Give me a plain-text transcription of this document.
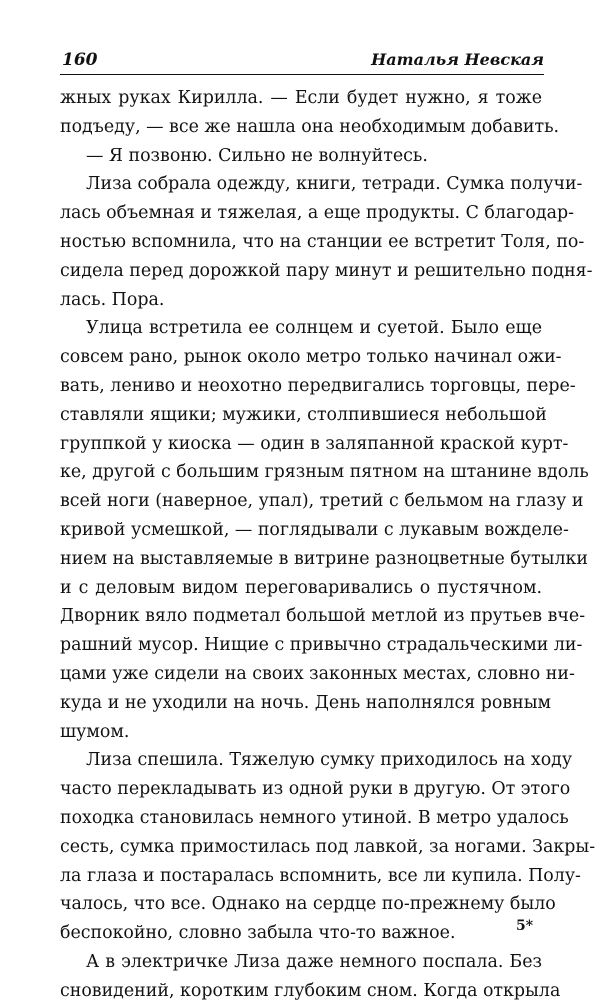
160	Наталья Невская
жных руках Кирилла. — Если будет нужно, я тоже
подъеду, — все же нашла она необходимым добавить.
— Я позвоню. Сильно не волнуйтесь.
Лиза собрала одежду, книги, тетради. Сумка получи-
лась объемная и тяжелая, а еще продукты. С благодар-
ностью вспомнила, что на станции ее встретит Толя, по-
сидела перед дорожкой пару минут и решительно подня-
лась. Пора.
Улица встретила ее солнцем и суетой. Было еще
совсем рано, рынок около метро только начинал ожи-
вать, лениво и неохотно передвигались торговцы, пере-
ставляли ящики; мужики, столпившиеся небольшой
группкой у киоска — один в заляпанной краской курт-
ке, другой с большим грязным пятном на штанине вдоль
всей ноги (наверное, упал), третий с бельмом на глазу и
кривой усмешкой, — поглядывали с лукавым вожделе-
нием на выставляемые в витрине разноцветные бутылки
и с деловым видом переговаривались о пустячном.
Дворник вяло подметал большой метлой из прутьев вче-
рашний мусор. Нищие с привычно страдальческими ли-
цами уже сидели на своих законных местах, словно ни-
куда и не уходили на ночь. День наполнялся ровным
шумом.
Лиза спешила. Тяжелую сумку приходилось на ходу
часто перекладывать из одной руки в другую. От этого
походка становилась немного утиной. В метро удалось
сесть, сумка примостилась под лавкой, за ногами. Закры-
ла глаза и постаралась вспомнить, все ли купила. Полу-
чалось, что все. Однако на сердце по-прежнему было
беспокойно, словно забыла что-то важное.
А в электричке Лиза даже немного поспала. Без
сновидений, коротким глубоким сном. Когда открыла
5*
